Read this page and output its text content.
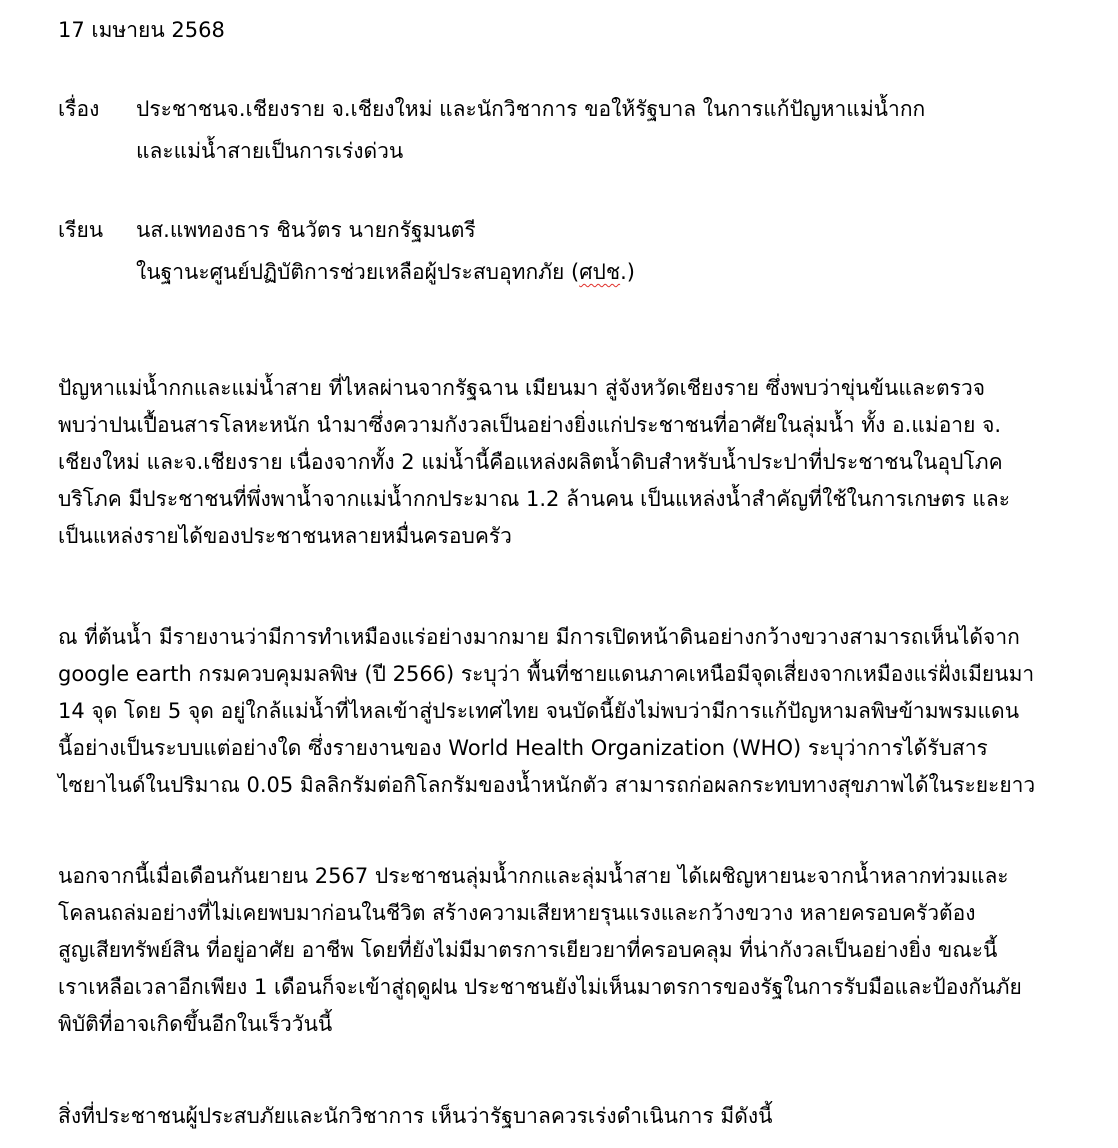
17 เมษายน 2568
เรื่อง ประชาชนจ.เชียงราย จ.เชียงใหม่ และนักวิชาการ ขอให้รัฐบาล ในการแก้ปัญหาแม่น้ำกก
และแม่น้ำสายเป็นการเร่งด่วน
เรียน นส.แพทองธาร ชินวัตร นายกรัฐมนตรี
ในฐานะศูนย์ปฏิบัติการช่วยเหลือผู้ประสบอุทกภัย (ศปช.)
ปัญหาแม่น้ำกกและแม่น้ำสาย ที่ไหลผ่านจากรัฐฉาน เมียนมา สู่จังหวัดเชียงราย ซึ่งพบว่าขุ่นข้นและตรวจ
พบว่าปนเปื้อนสารโลหะหนัก นำมาซึ่งความกังวลเป็นอย่างยิ่งแก่ประชาชนที่อาศัยในลุ่มน้ำ ทั้ง อ.แม่อาย จ.
เชียงใหม่ และจ.เชียงราย เนื่องจากทั้ง 2 แม่น้ำนี้คือแหล่งผลิตน้ำดิบสำหรับน้ำประปาที่ประชาชนในอุปโภค
บริโภค มีประชาชนที่พึ่งพาน้ำจากแม่น้ำกกประมาณ 1.2 ล้านคน เป็นแหล่งน้ำสำคัญที่ใช้ในการเกษตร และ
เป็นแหล่งรายได้ของประชาชนหลายหมื่นครอบครัว
ณ ที่ต้นน้ำ มีรายงานว่ามีการทำเหมืองแร่อย่างมากมาย มีการเปิดหน้าดินอย่างกว้างขวางสามารถเห็นได้จาก
google earth กรมควบคุมมลพิษ (ปี 2566) ระบุว่า พื้นที่ชายแดนภาคเหนือมีจุดเสี่ยงจากเหมืองแร่ฝั่งเมียนมา
14 จุด โดย 5 จุด อยู่ใกล้แม่น้ำที่ไหลเข้าสู่ประเทศไทย จนบัดนี้ยังไม่พบว่ามีการแก้ปัญหามลพิษข้ามพรมแดน
นี้อย่างเป็นระบบแต่อย่างใด ซึ่งรายงานของ World Health Organization (WHO) ระบุว่าการได้รับสาร
ไซยาไนด์ในปริมาณ 0.05 มิลลิกรัมต่อกิโลกรัมของน้ำหนักตัว สามารถก่อผลกระทบทางสุขภาพได้ในระยะยาว
นอกจากนี้เมื่อเดือนกันยายน 2567 ประชาชนลุ่มน้ำกกและลุ่มน้ำสาย ได้เผชิญหายนะจากน้ำหลากท่วมและ
โคลนถล่มอย่างที่ไม่เคยพบมาก่อนในชีวิต สร้างความเสียหายรุนแรงและกว้างขวาง หลายครอบครัวต้อง
สูญเสียทรัพย์สิน ที่อยู่อาศัย อาชีพ โดยที่ยังไม่มีมาตรการเยียวยาที่ครอบคลุม ที่น่ากังวลเป็นอย่างยิ่ง ขณะนี้
เราเหลือเวลาอีกเพียง 1 เดือนก็จะเข้าสู่ฤดูฝน ประชาชนยังไม่เห็นมาตรการของรัฐในการรับมือและป้องกันภัย
พิบัติที่อาจเกิดขึ้นอีกในเร็ววันนี้
สิ่งที่ประชาชนผู้ประสบภัยและนักวิชาการ เห็นว่ารัฐบาลควรเร่งดำเนินการ มีดังนี้
